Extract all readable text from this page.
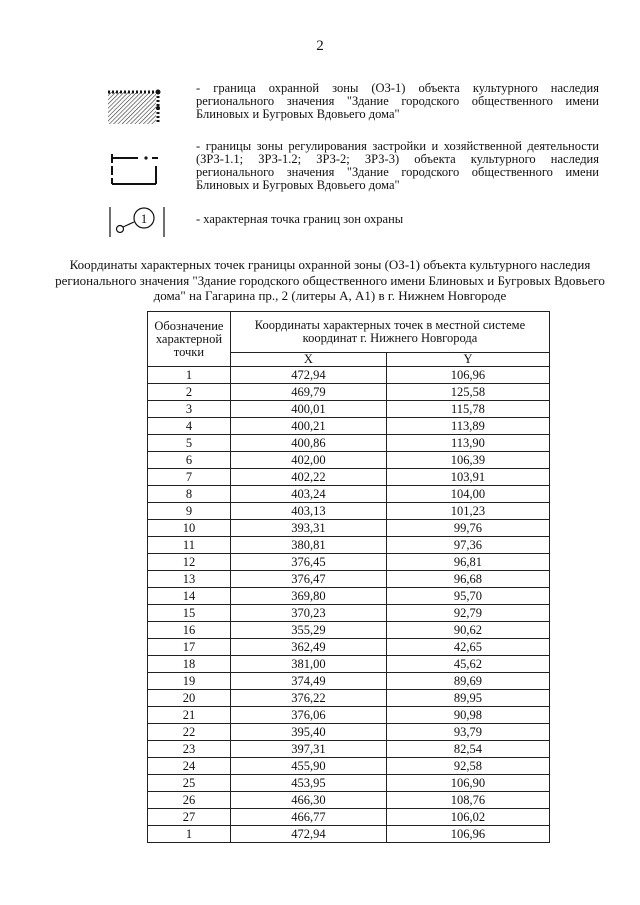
2
- граница охранной зоны (ОЗ-1) объекта культурного наследия регионального значения "Здание городского общественного имени Блиновых и Бугровых Вдовьего дома"
- границы зоны регулирования застройки и хозяйственной деятельности (ЗРЗ-1.1; ЗРЗ-1.2; ЗРЗ-2; ЗРЗ-3) объекта культурного наследия регионального значения "Здание городского общественного имени Блиновых и Бугровых Вдовьего дома"
1	- характерная точка границ зон охраны
Координаты характерных точек границы охранной зоны (ОЗ-1) объекта культурного наследия регионального значения "Здание городского общественного имени Блиновых и Бугровых Вдовьего дома" на Гагарина пр., 2 (литеры А, А1) в г. Нижнем Новгороде
Обозначение характерной точки	Координаты характерных точек в местной системе координат г. Нижнего Новгорода	
	X	Y
1	472,94	106,96
2	469,79	125,58
3	400,01	115,78
4	400,21	113,89
5	400,86	113,90
6	402,00	106,39
7	402,22	103,91
8	403,24	104,00
9	403,13	101,23
10	393,31	99,76
11	380,81	97,36
12	376,45	96,81
13	376,47	96,68
14	369,80	95,70
15	370,23	92,79
16	355,29	90,62
17	362,49	42,65
18	381,00	45,62
19	374,49	89,69
20	376,22	89,95
21	376,06	90,98
22	395,40	93,79
23	397,31	82,54
24	455,90	92,58
25	453,95	106,90
26	466,30	108,76
27	466,77	106,02
1	472,94	106,96
